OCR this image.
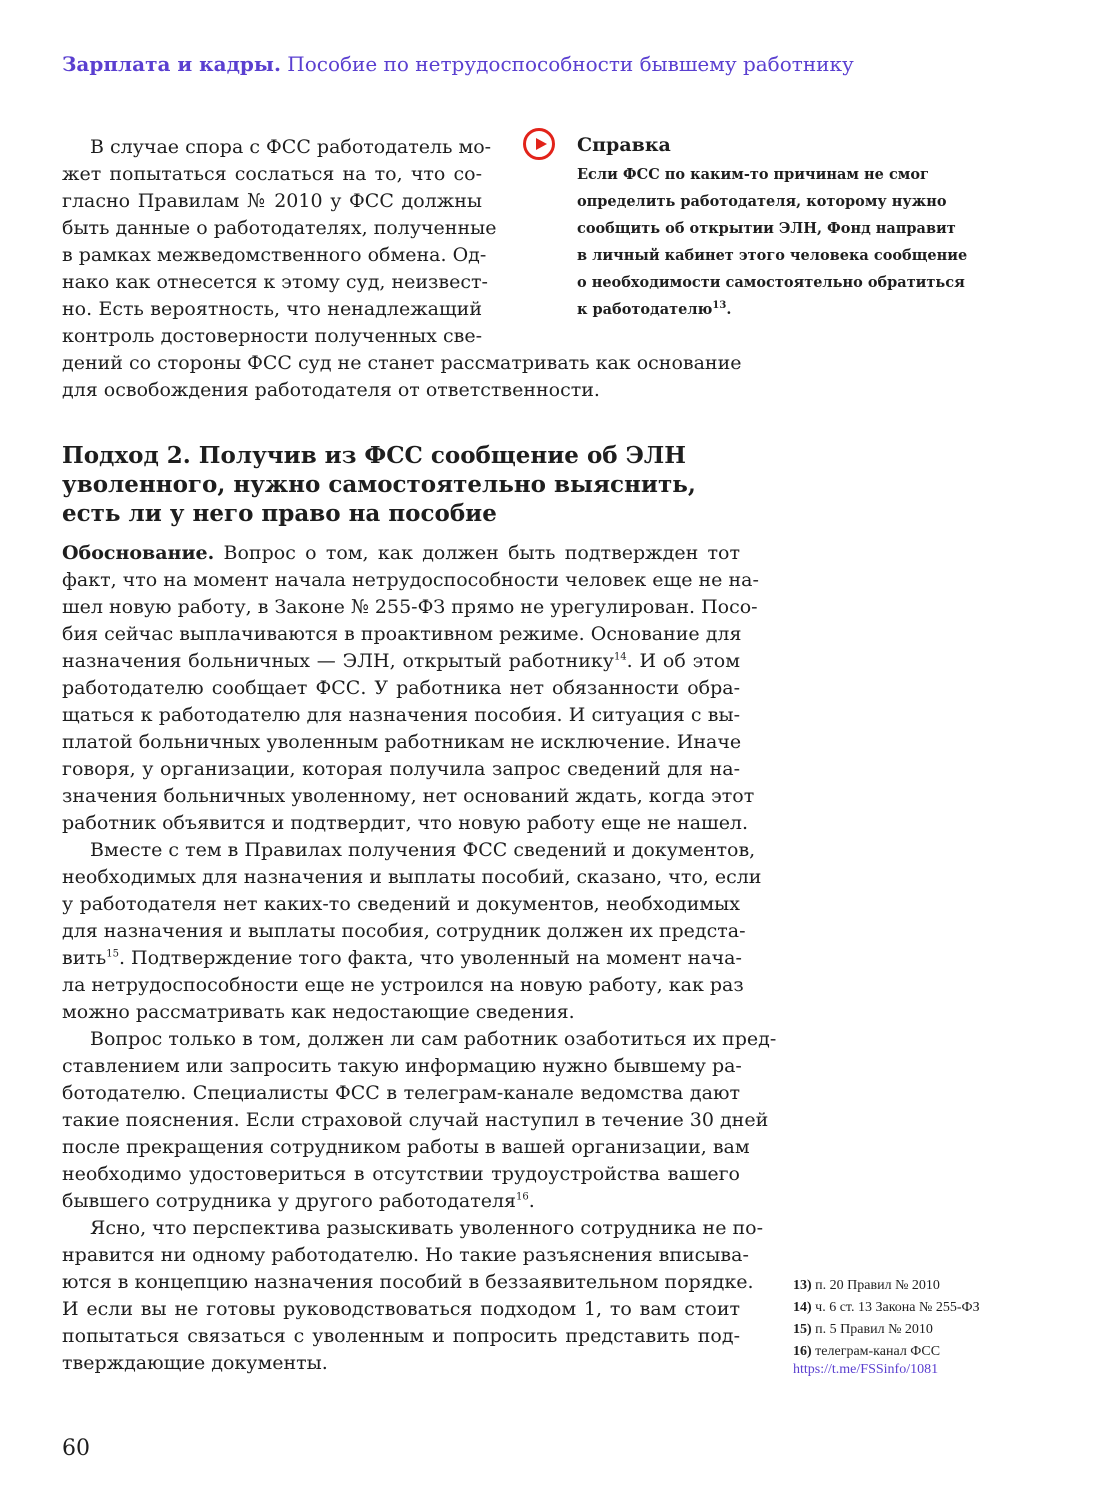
Зарплата и кадры. Пособие по нетрудоспособности бывшему работнику
В случае спора с ФСС работодатель мо-
жет попытаться сослаться на то, что со-
гласно Правилам № 2010 у ФСС должны
быть данные о работодателях, полученные
в рамках межведомственного обмена. Од-
нако как отнесется к этому суд, неизвест-
но. Есть вероятность, что ненадлежащий
контроль достоверности полученных све-
дений со стороны ФСС суд не станет рассматривать как основание
для освобождения работодателя от ответственности.
Справка
Если ФСС по каким-то причинам не смог
определить работодателя, которому нужно
сообщить об открытии ЭЛН, Фонд направит
в личный кабинет этого человека сообщение
о необходимости самостоятельно обратиться
к работодателю$^{13}$.
Подход 2. Получив из ФСС сообщение об ЭЛН
уволенного, нужно самостоятельно выяснить,
есть ли у него право на пособие
Обоснование. Вопрос о том, как должен быть подтвержден тот
факт, что на момент начала нетрудоспособности человек еще не на-
шел новую работу, в Законе № 255-ФЗ прямо не урегулирован. Посо-
бия сейчас выплачиваются в проактивном режиме. Основание для
назначения больничных — ЭЛН, открытый работнику$^{14}$. И об этом
работодателю сообщает ФСС. У работника нет обязанности обра-
щаться к работодателю для назначения пособия. И ситуация с вы-
платой больничных уволенным работникам не исключение. Иначе
говоря, у организации, которая получила запрос сведений для на-
значения больничных уволенному, нет оснований ждать, когда этот
работник объявится и подтвердит, что новую работу еще не нашел.
Вместе с тем в Правилах получения ФСС сведений и документов,
необходимых для назначения и выплаты пособий, сказано, что, если
у работодателя нет каких-то сведений и документов, необходимых
для назначения и выплаты пособия, сотрудник должен их предста-
вить$^{15}$. Подтверждение того факта, что уволенный на момент нача-
ла нетрудоспособности еще не устроился на новую работу, как раз
можно рассматривать как недостающие сведения.
Вопрос только в том, должен ли сам работник озаботиться их пред-
ставлением или запросить такую информацию нужно бывшему ра-
ботодателю. Специалисты ФСС в телеграм-канале ведомства дают
такие пояснения. Если страховой случай наступил в течение 30 дней
после прекращения сотрудником работы в вашей организации, вам
необходимо удостовериться в отсутствии трудоустройства вашего
бывшего сотрудника у другого работодателя$^{16}$.
Ясно, что перспектива разыскивать уволенного сотрудника не по-
нравится ни одному работодателю. Но такие разъяснения вписыва-
ются в концепцию назначения пособий в беззаявительном порядке.
И если вы не готовы руководствоваться подходом 1, то вам стоит
попытаться связаться с уволенным и попросить представить под-
тверждающие документы.
13) п. 20 Правил № 2010
14) ч. 6 ст. 13 Закона № 255-ФЗ
15) п. 5 Правил № 2010
16) телеграм-канал ФСС
https://t.me/FSSinfo/1081
60
